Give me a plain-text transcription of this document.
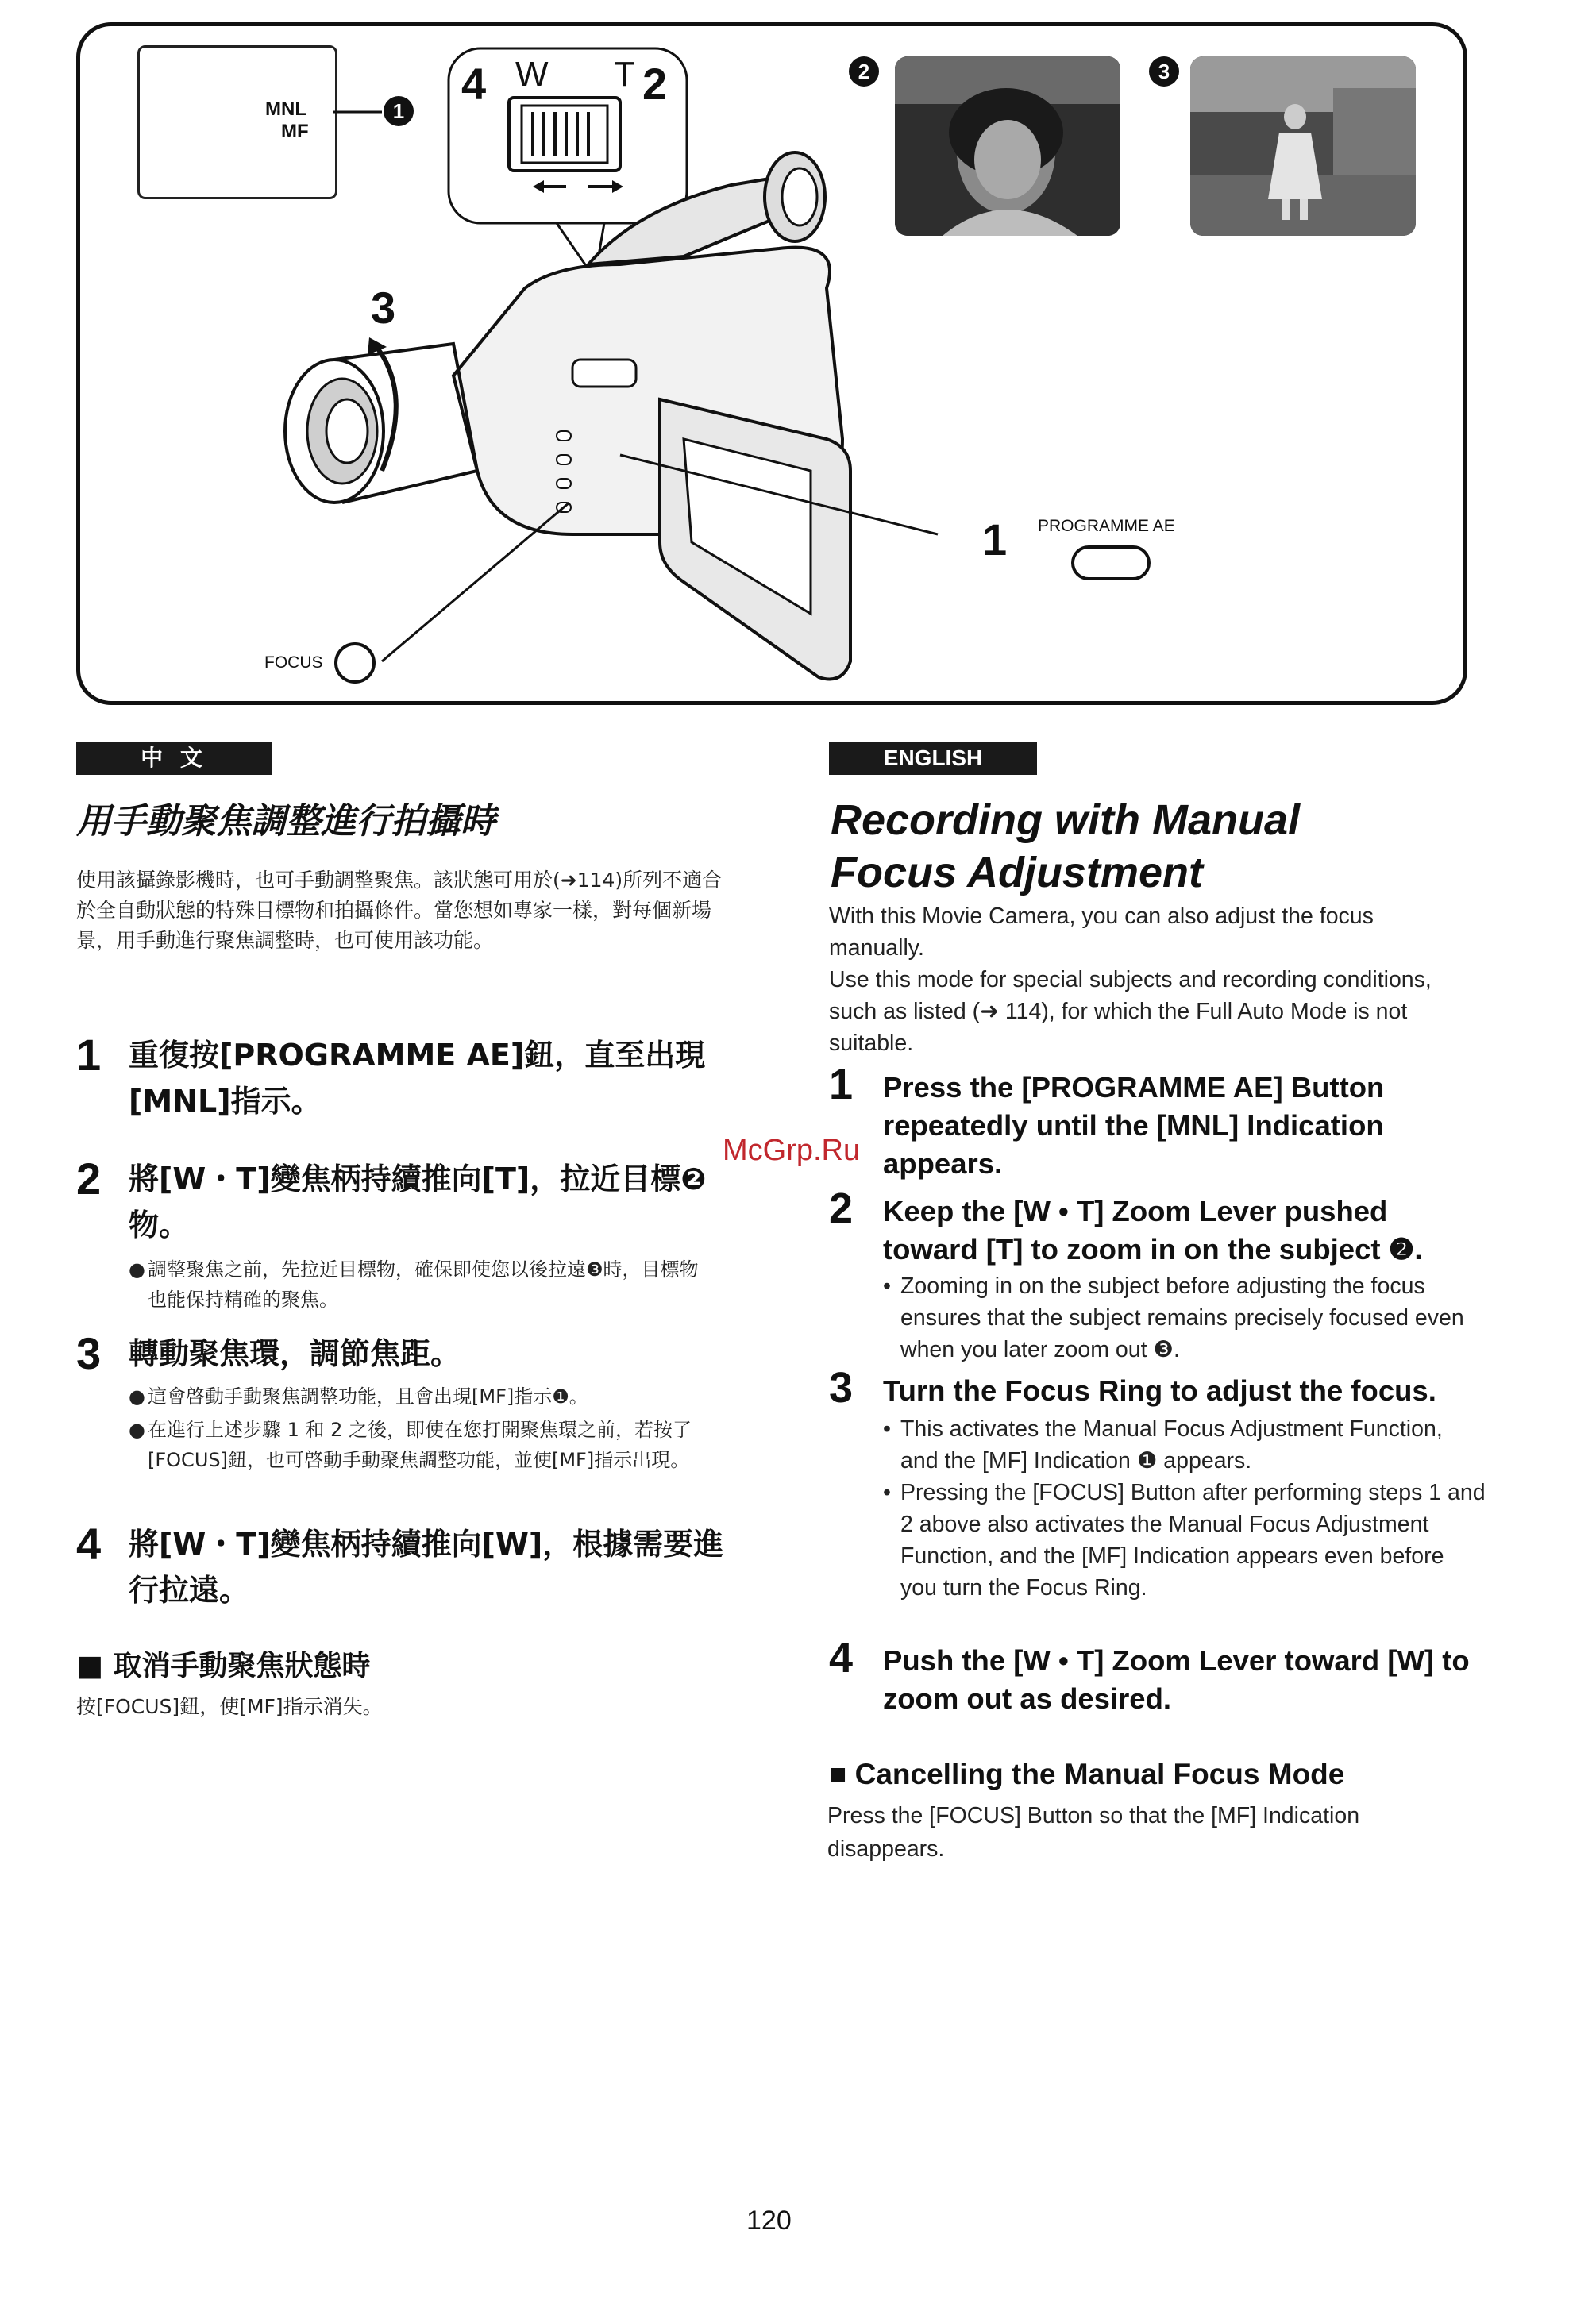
MNL
MF
1
4 W T 2
3
1 PROGRAMME AE
FOCUS
2	3
中 文
用手動聚焦調整進行拍攝時
使用該攝錄影機時，也可手動調整聚焦。該狀態可用於(➜114)所列不適合於全自動狀態的特殊目標物和拍攝條件。當您想如專家一樣，對每個新場景，用手動進行聚焦調整時，也可使用該功能。
1 重復按[PROGRAMME AE]鈕，直至出現[MNL]指示。
2 將[W・T]變焦柄持續推向[T]，拉近目標❷物。
● 調整聚焦之前，先拉近目標物，確保即使您以後拉遠❸時，目標物也能保持精確的聚焦。
3 轉動聚焦環，調節焦距。
● 這會啓動手動聚焦調整功能，且會出現[MF]指示❶。
● 在進行上述步驟 1 和 2 之後，即使在您打開聚焦環之前，若按了[FOCUS]鈕，也可啓動手動聚焦調整功能，並使[MF]指示出現。
4 將[W・T]變焦柄持續推向[W]，根據需要進行拉遠。
■ 取消手動聚焦狀態時
按[FOCUS]鈕，使[MF]指示消失。
ENGLISH
Recording with Manual
Focus Adjustment
With this Movie Camera, you can also adjust the focus manually.
Use this mode for special subjects and recording conditions, such as listed (➜ 114), for which the Full Auto Mode is not suitable.
1 Press the [PROGRAMME AE] Button repeatedly until the [MNL] Indication appears.
2 Keep the [W • T] Zoom Lever pushed toward [T] to zoom in on the subject ❷.
• Zooming in on the subject before adjusting the focus ensures that the subject remains precisely focused even when you later zoom out ❸.
3 Turn the Focus Ring to adjust the focus.
• This activates the Manual Focus Adjustment Function, and the [MF] Indication ❶ appears.
• Pressing the [FOCUS] Button after performing steps 1 and 2 above also activates the Manual Focus Adjustment Function, and the [MF] Indication appears even before you turn the Focus Ring.
4 Push the [W • T] Zoom Lever toward [W] to zoom out as desired.
■ Cancelling the Manual Focus Mode
Press the [FOCUS] Button so that the [MF] Indication disappears.
McGrp.Ru
120
